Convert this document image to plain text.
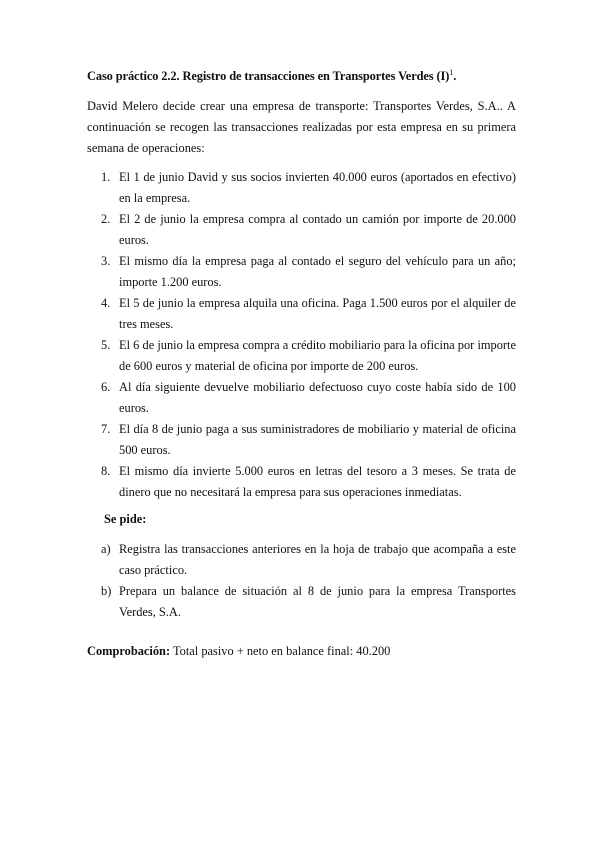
Caso práctico 2.2. Registro de transacciones en Transportes Verdes $(I)^1$.

David Melero decide crear una empresa de transporte: Transportes Verdes, S.A.. A continuación se recogen las transacciones realizadas por esta empresa en su primera semana de operaciones:

1. El 1 de junio David y sus socios invierten 40.000 euros (aportados en efectivo) en la empresa.
2. El 2 de junio la empresa compra al contado un camión por importe de 20.000 euros.
3. El mismo día la empresa paga al contado el seguro del vehículo para un año; importe 1.200 euros.
4. El 5 de junio la empresa alquila una oficina. Paga 1.500 euros por el alquiler de tres meses.
5. El 6 de junio la empresa compra a crédito mobiliario para la oficina por importe de 600 euros y material de oficina por importe de 200 euros.
6. Al día siguiente devuelve mobiliario defectuoso cuyo coste había sido de 100 euros.
7. El día 8 de junio paga a sus suministradores de mobiliario y material de oficina 500 euros.
8. El mismo día invierte 5.000 euros en letras del tesoro a 3 meses. Se trata de dinero que no necesitará la empresa para sus operaciones inmediatas.

Se pide:

a) Registra las transacciones anteriores en la hoja de trabajo que acompaña a este caso práctico.
b) Prepara un balance de situación al 8 de junio para la empresa Transportes Verdes, S.A.

Comprobación: Total pasivo + neto en balance final: 40.200
